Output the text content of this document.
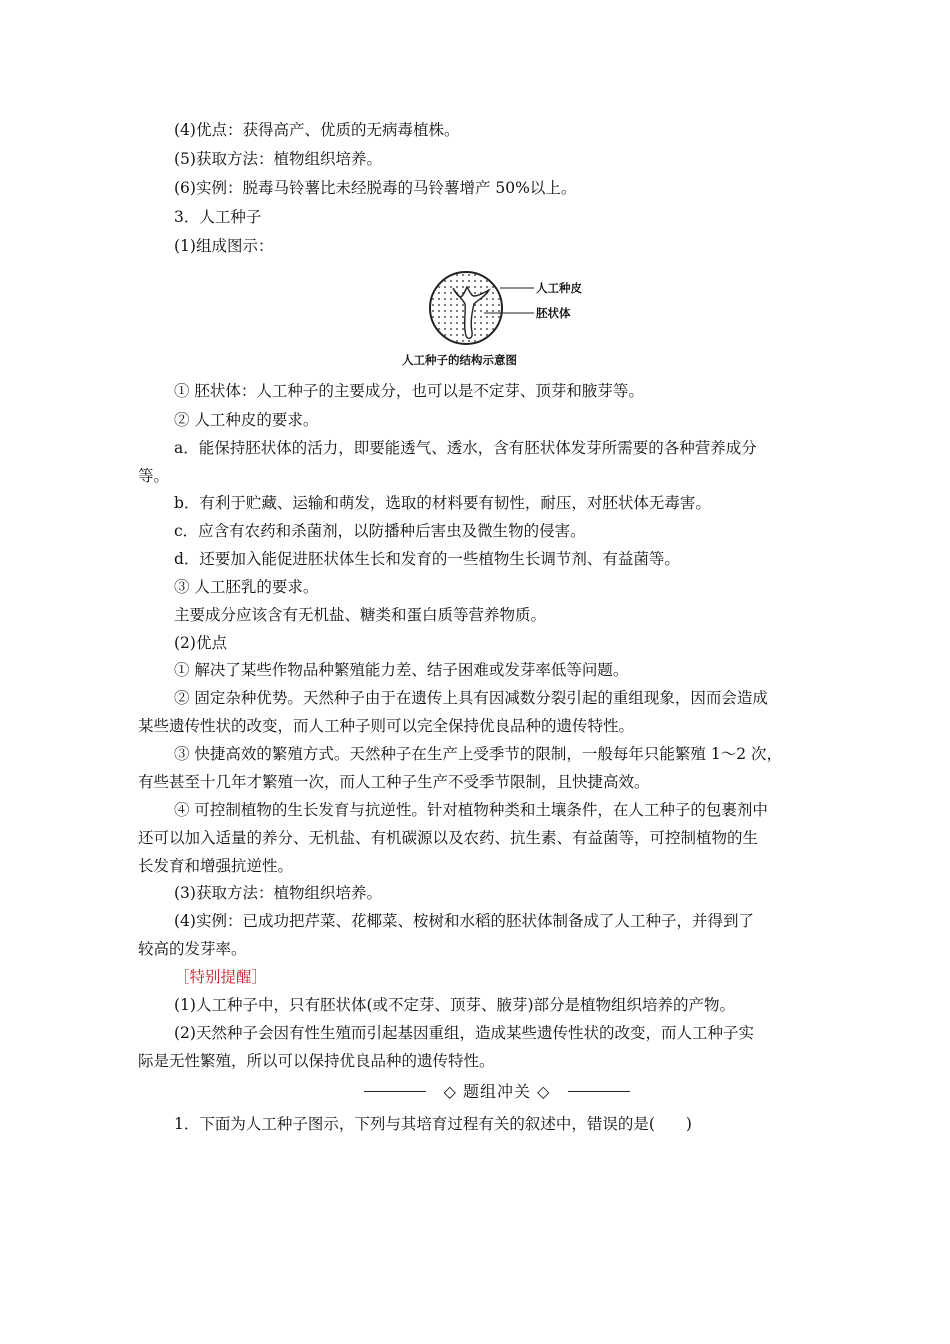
(4)优点：获得高产、优质的无病毒植株。
(5)获取方法：植物组织培养。
(6)实例：脱毒马铃薯比未经脱毒的马铃薯增产 50%以上。
3．人工种子
(1)组成图示：
人工种皮
胚状体
人工种子的结构示意图
① 胚状体：人工种子的主要成分，也可以是不定芽、顶芽和腋芽等。
② 人工种皮的要求。
a．能保持胚状体的活力，即要能透气、透水，含有胚状体发芽所需要的各种营养成分
等。
b．有利于贮藏、运输和萌发，选取的材料要有韧性，耐压，对胚状体无毒害。
c．应含有农药和杀菌剂，以防播种后害虫及微生物的侵害。
d．还要加入能促进胚状体生长和发育的一些植物生长调节剂、有益菌等。
③ 人工胚乳的要求。
主要成分应该含有无机盐、糖类和蛋白质等营养物质。
(2)优点
① 解决了某些作物品种繁殖能力差、结子困难或发芽率低等问题。
② 固定杂种优势。天然种子由于在遗传上具有因减数分裂引起的重组现象，因而会造成
某些遗传性状的改变，而人工种子则可以完全保持优良品种的遗传特性。
③ 快捷高效的繁殖方式。天然种子在生产上受季节的限制，一般每年只能繁殖 1～2 次，
有些甚至十几年才繁殖一次，而人工种子生产不受季节限制，且快捷高效。
④ 可控制植物的生长发育与抗逆性。针对植物种类和土壤条件，在人工种子的包裹剂中
还可以加入适量的养分、无机盐、有机碳源以及农药、抗生素、有益菌等，可控制植物的生
长发育和增强抗逆性。
(3)获取方法：植物组织培养。
(4)实例：已成功把芹菜、花椰菜、桉树和水稻的胚状体制备成了人工种子，并得到了
较高的发芽率。
［特别提醒］
(1)人工种子中，只有胚状体(或不定芽、顶芽、腋芽)部分是植物组织培养的产物。
(2)天然种子会因有性生殖而引起基因重组，造成某些遗传性状的改变，而人工种子实
际是无性繁殖，所以可以保持优良品种的遗传特性。
◇ 题组冲关 ◇
1．下面为人工种子图示，下列与其培育过程有关的叙述中，错误的是(　　)
